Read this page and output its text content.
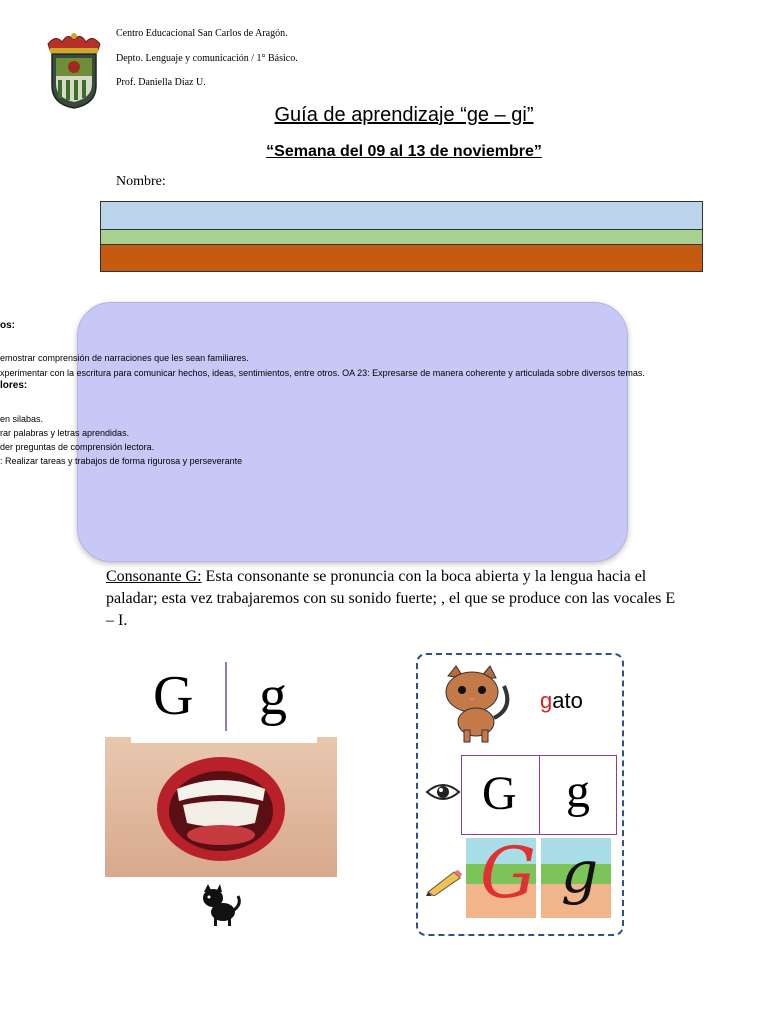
Centro Educacional San Carlos de Aragón.
Depto. Lenguaje y comunicación / 1° Básico.
Prof. Daniella Díaz U.
Guía de aprendizaje “ge – gi”
“Semana del 09 al 13 de noviembre”
Nombre:
os:
emostrar comprensión de narraciones que les sean familiares.
xperimentar con la escritura para comunicar hechos, ideas, sentimientos, entre otros. OA 23: Expresarse de manera coherente y articulada sobre diversos temas.
lores:
en silabas.
rar palabras y letras aprendidas.
der preguntas de comprensión lectora.
: Realizar tareas y trabajos de forma rigurosa y perseverante
Consonante G: Esta consonante se pronuncia con la boca abierta y la lengua hacia el paladar; esta vez trabajaremos con su sonido fuerte; , el que se produce con las vocales E – I.
G g	gato
G g
G g
